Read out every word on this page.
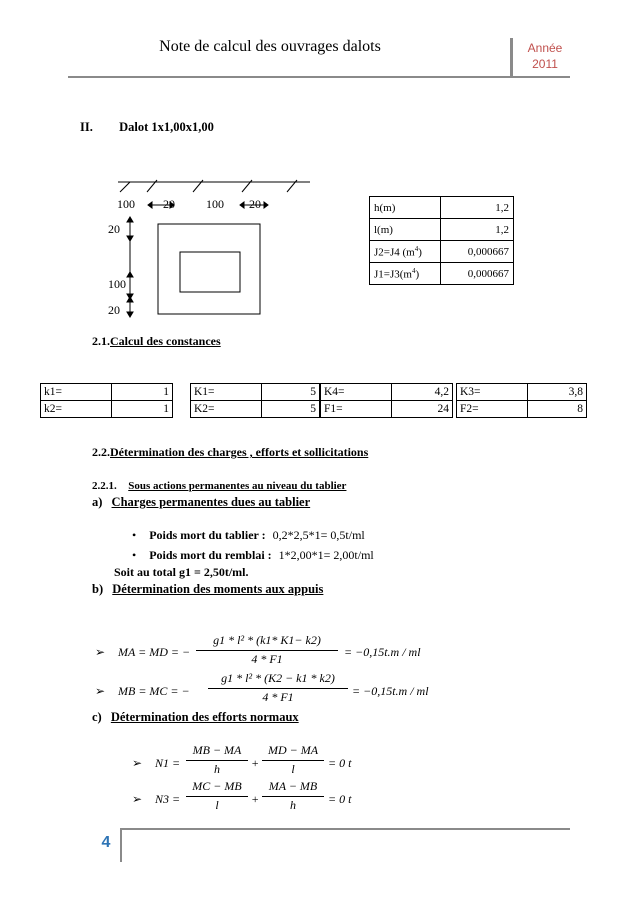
Note de calcul des ouvrages dalots	Année
2011
II. Dalot 1x1,00x1,00
100 20	100 20
20
100
20
h(m)	1,2
l(m)	1,2
J2=J4 $(m^4)$	0,000667
$J1=J3(m^4)$	0,000667
2.1.Calcul des constances
k1=	1
k2=	1
K1=	5
K2=	5
K4=	4,2
F1=	24
K3=	3,8
F2=	8
2.2.Détermination des charges , efforts et sollicitations
2.2.1. Sous actions permanentes au niveau du tablier
a) Charges permanentes dues au tablier
• Poids mort du tablier : 0,2*2,5*1= 0,5t/ml
• Poids mort du remblai : 1*2,00*1= 2,00t/ml
Soit au total g1 = 2,50t/ml.
b) Détermination des moments aux appuis
➢ MA = MD = −
g1 * l² * (k1* K1− k2)
4 * F1	= −0,15t.m / ml
➢ MB = MC = −
g1 * l² * (K2 − k1 * k2)
4 * F1	= −0,15t.m / ml
c) Détermination des efforts normaux
➢ N1 =
MB − MA
h	+
MD − MA
l	= 0 t
➢ N3 =
MC − MB
l	+
MA − MB
h	= 0 t
4
